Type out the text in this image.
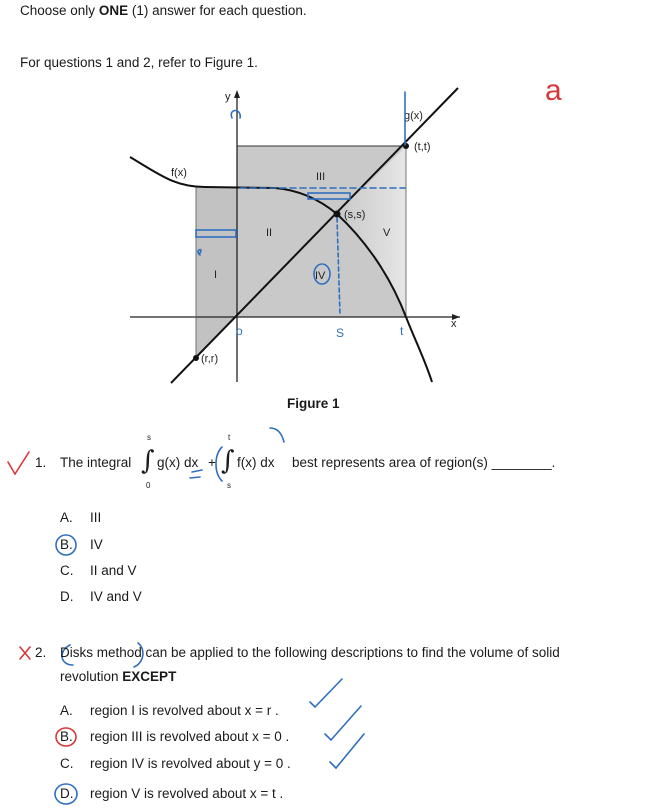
Choose only ONE (1) answer for each question.
For questions 1 and 2, refer to Figure 1.
y
x
f(x)
g(x)
(t,t)
(s,s)
(r,r)
I
II
III
IV
V
S	t
o
a
Figure 1
1. The integral
s
∫
0
g(x) dx +
t
∫
s
f(x) dx best represents area of region(s) ________.
A. III
B. IV
C. II and V
D. IV and V
2. Disks method can be applied to the following descriptions to find the volume of solid
revolution EXCEPT
A. region I is revolved about x = r .
B. region III is revolved about x = 0 .
C. region IV is revolved about y = 0 .
D. region V is revolved about x = t .
